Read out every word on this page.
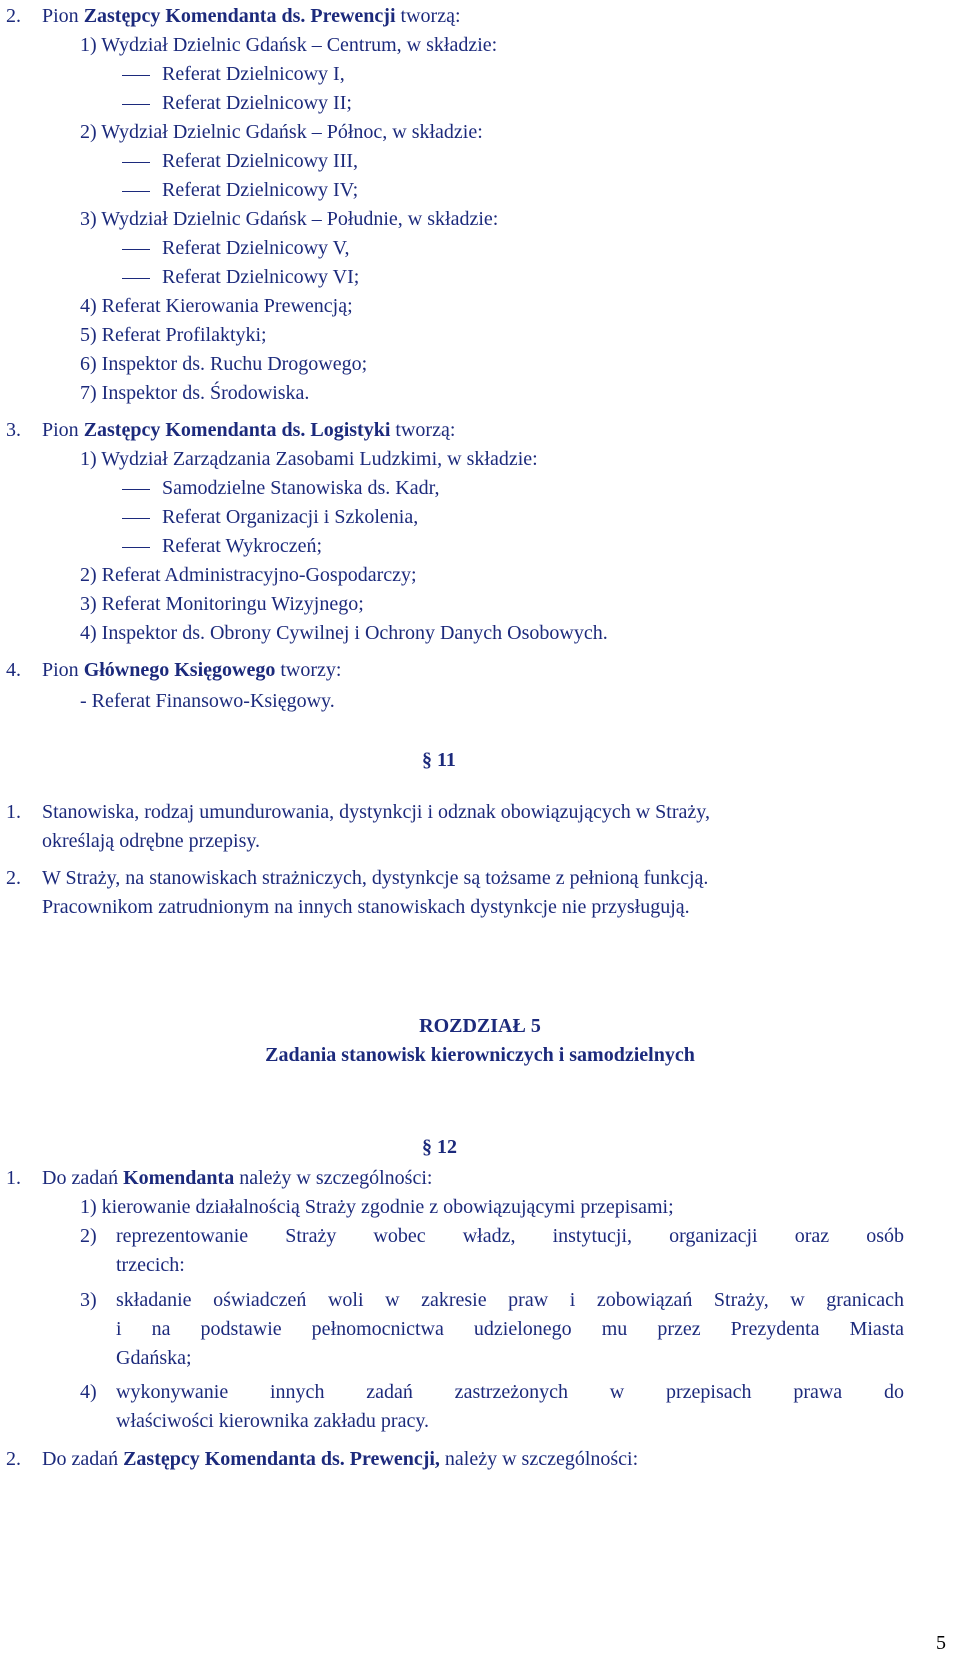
2. Pion Zastępcy Komendanta ds. Prewencji tworzą:
1) Wydział Dzielnic Gdańsk – Centrum, w składzie:
Referat Dzielnicowy I,
Referat Dzielnicowy II;
2) Wydział Dzielnic Gdańsk – Północ, w składzie:
Referat Dzielnicowy III,
Referat Dzielnicowy IV;
3) Wydział Dzielnic Gdańsk – Południe, w składzie:
Referat Dzielnicowy V,
Referat Dzielnicowy VI;
4) Referat Kierowania Prewencją;
5) Referat Profilaktyki;
6) Inspektor ds. Ruchu Drogowego;
7) Inspektor ds. Środowiska.
3. Pion Zastępcy Komendanta ds. Logistyki tworzą:
1) Wydział Zarządzania Zasobami Ludzkimi, w składzie:
Samodzielne Stanowiska ds. Kadr,
Referat Organizacji i Szkolenia,
Referat Wykroczeń;
2) Referat Administracyjno-Gospodarczy;
3) Referat Monitoringu Wizyjnego;
4) Inspektor ds. Obrony Cywilnej i Ochrony Danych Osobowych.
4. Pion Głównego Księgowego tworzy:
- Referat Finansowo-Księgowy.
§ 11
1. Stanowiska, rodzaj umundurowania, dystynkcji i odznak obowiązujących w Straży,
określają odrębne przepisy.
2. W Straży, na stanowiskach strażniczych, dystynkcje są tożsame z pełnioną funkcją.
Pracownikom zatrudnionym na innych stanowiskach dystynkcje nie przysługują.
ROZDZIAŁ 5
Zadania stanowisk kierowniczych i samodzielnych
§ 12
1. Do zadań Komendanta należy w szczególności:
1) kierowanie działalnością Straży zgodnie z obowiązującymi przepisami;
2) reprezentowanie Straży wobec władz, instytucji, organizacji oraz osób
trzecich:
3) składanie oświadczeń woli w zakresie praw i zobowiązań Straży, w granicach
i na podstawie pełnomocnictwa udzielonego mu przez Prezydenta Miasta
Gdańska;
4) wykonywanie innych zadań zastrzeżonych w przepisach prawa do
właściwości kierownika zakładu pracy.
2. Do zadań Zastępcy Komendanta ds. Prewencji, należy w szczególności:
5
